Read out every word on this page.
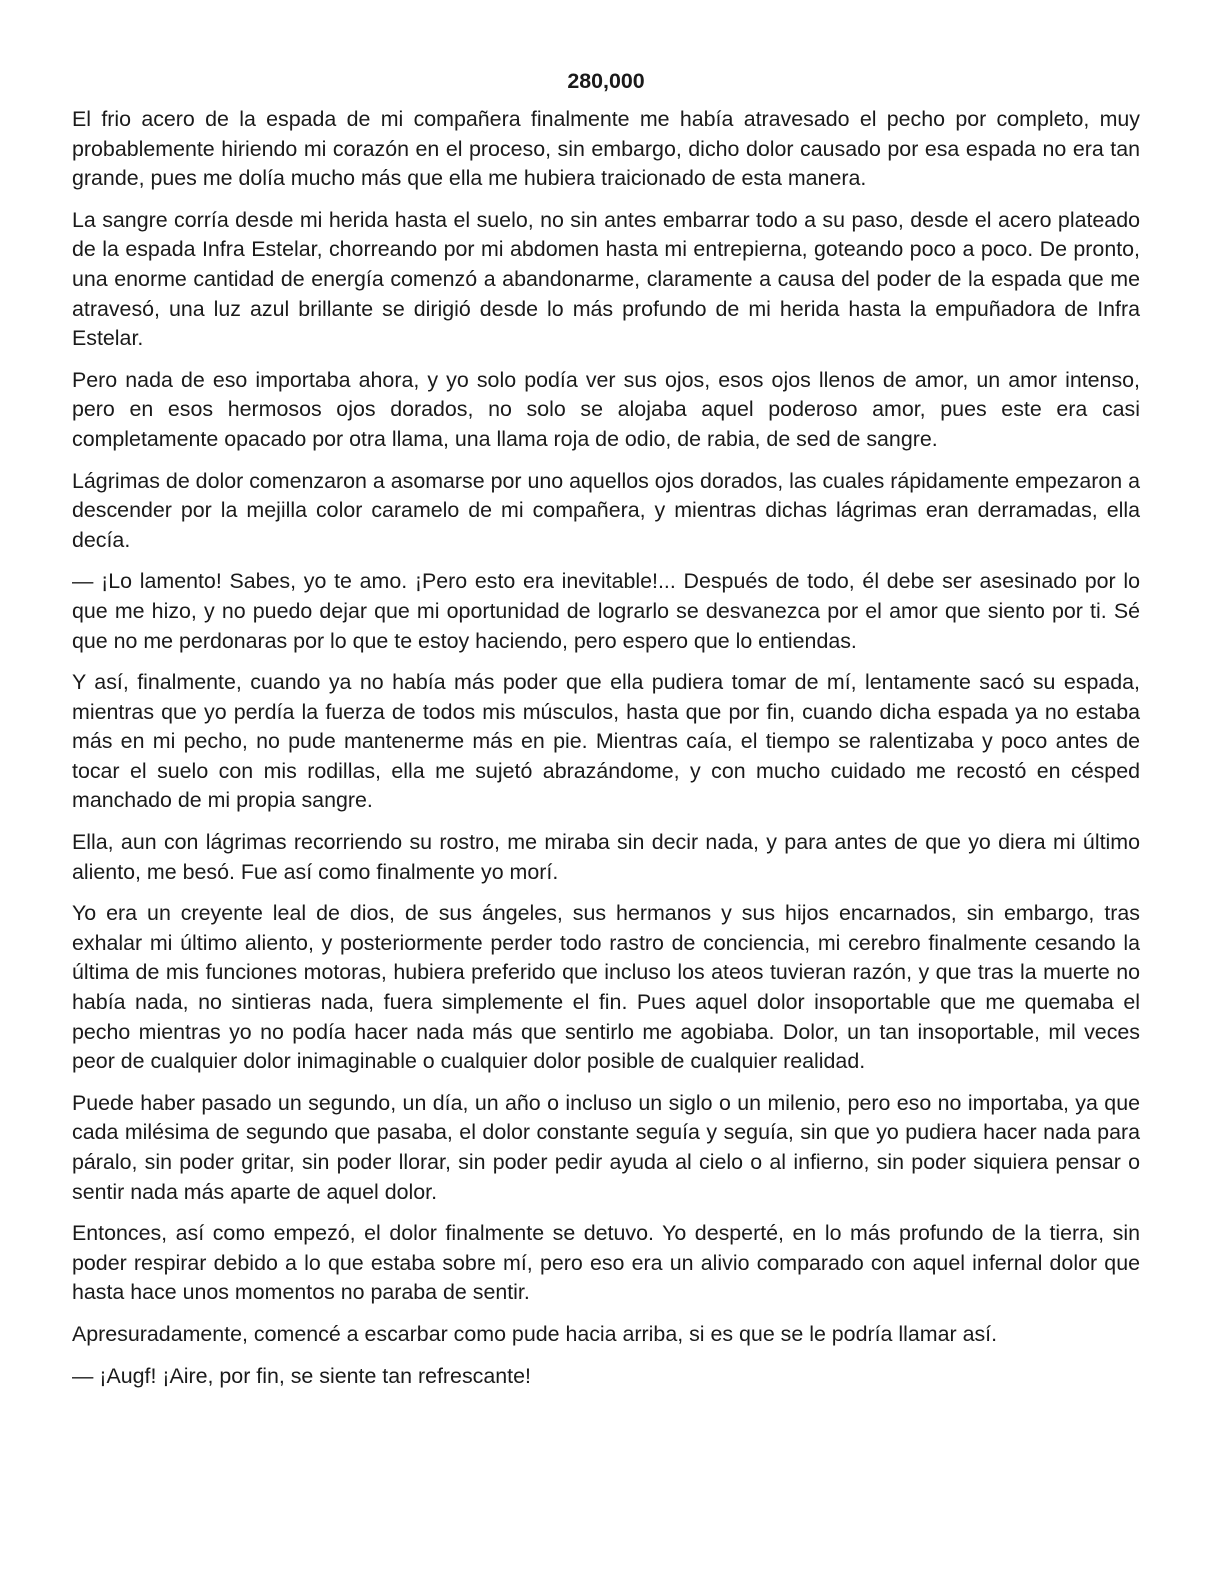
280,000

El frio acero de la espada de mi compañera finalmente me había atravesado el pecho por completo, muy probablemente hiriendo mi corazón en el proceso, sin embargo, dicho dolor causado por esa espada no era tan grande, pues me dolía mucho más que ella me hubiera traicionado de esta manera.

La sangre corría desde mi herida hasta el suelo, no sin antes embarrar todo a su paso, desde el acero plateado de la espada Infra Estelar, chorreando por mi abdomen hasta mi entrepierna, goteando poco a poco. De pronto, una enorme cantidad de energía comenzó a abandonarme, claramente a causa del poder de la espada que me atravesó, una luz azul brillante se dirigió desde lo más profundo de mi herida hasta la empuñadora de Infra Estelar.

Pero nada de eso importaba ahora, y yo solo podía ver sus ojos, esos ojos llenos de amor, un amor intenso, pero en esos hermosos ojos dorados, no solo se alojaba aquel poderoso amor, pues este era casi completamente opacado por otra llama, una llama roja de odio, de rabia, de sed de sangre.

Lágrimas de dolor comenzaron a asomarse por uno aquellos ojos dorados, las cuales rápidamente empezaron a descender por la mejilla color caramelo de mi compañera, y mientras dichas lágrimas eran derramadas, ella decía.

— ¡Lo lamento! Sabes, yo te amo. ¡Pero esto era inevitable!... Después de todo, él debe ser asesinado por lo que me hizo, y no puedo dejar que mi oportunidad de lograrlo se desvanezca por el amor que siento por ti. Sé que no me perdonaras por lo que te estoy haciendo, pero espero que lo entiendas.

Y así, finalmente, cuando ya no había más poder que ella pudiera tomar de mí, lentamente sacó su espada, mientras que yo perdía la fuerza de todos mis músculos, hasta que por fin, cuando dicha espada ya no estaba más en mi pecho, no pude mantenerme más en pie. Mientras caía, el tiempo se ralentizaba y poco antes de tocar el suelo con mis rodillas, ella me sujetó abrazándome, y con mucho cuidado me recostó en césped manchado de mi propia sangre.

Ella, aun con lágrimas recorriendo su rostro, me miraba sin decir nada, y para antes de que yo diera mi último aliento, me besó. Fue así como finalmente yo morí.

Yo era un creyente leal de dios, de sus ángeles, sus hermanos y sus hijos encarnados, sin embargo, tras exhalar mi último aliento, y posteriormente perder todo rastro de conciencia, mi cerebro finalmente cesando la última de mis funciones motoras, hubiera preferido que incluso los ateos tuvieran razón, y que tras la muerte no había nada, no sintieras nada, fuera simplemente el fin. Pues aquel dolor insoportable que me quemaba el pecho mientras yo no podía hacer nada más que sentirlo me agobiaba. Dolor, un tan insoportable, mil veces peor de cualquier dolor inimaginable o cualquier dolor posible de cualquier realidad.

Puede haber pasado un segundo, un día, un año o incluso un siglo o un milenio, pero eso no importaba, ya que cada milésima de segundo que pasaba, el dolor constante seguía y seguía, sin que yo pudiera hacer nada para páralo, sin poder gritar, sin poder llorar, sin poder pedir ayuda al cielo o al infierno, sin poder siquiera pensar o sentir nada más aparte de aquel dolor.

Entonces, así como empezó, el dolor finalmente se detuvo. Yo desperté, en lo más profundo de la tierra, sin poder respirar debido a lo que estaba sobre mí, pero eso era un alivio comparado con aquel infernal dolor que hasta hace unos momentos no paraba de sentir.

Apresuradamente, comencé a escarbar como pude hacia arriba, si es que se le podría llamar así.

— ¡Augf! ¡Aire, por fin, se siente tan refrescante!
